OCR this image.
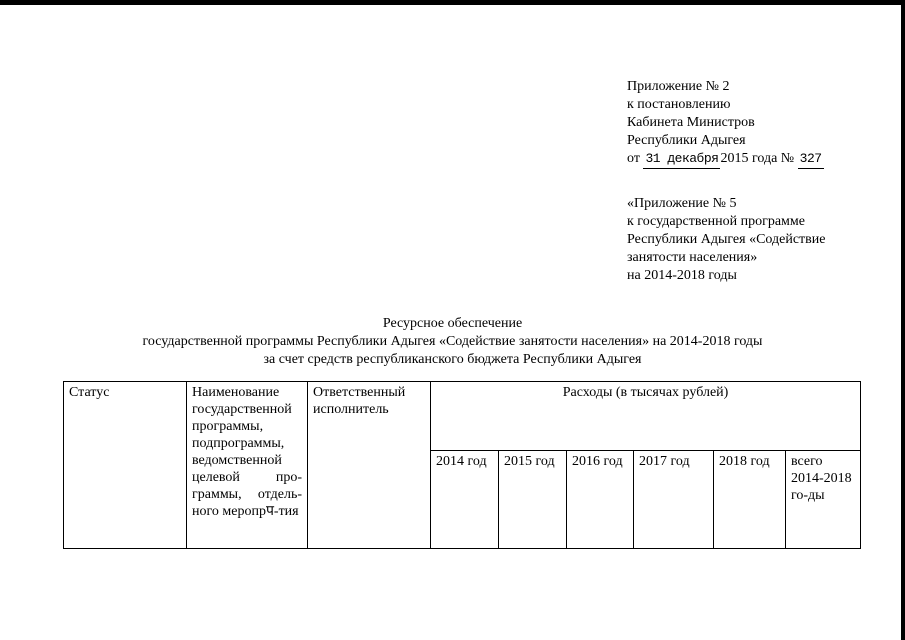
Приложение № 2
к постановлению
Кабинета Министров
Республики Адыгея
от 31 декабря 2015 года № 327
«Приложение № 5
к государственной программе
Республики Адыгея «Содействие
занятости населения»
на 2014-2018 годы
Ресурсное обеспечение
государственной программы Республики Адыгея «Содействие занятости населения» на 2014-2018 годы
за счет средств республиканского бюджета Республики Адыгея
Статус	Наименование государственной программы, подпрограммы, ведомственной целевой про-граммы, отдель-ного меропрप-тия	Ответственный исполнитель	Расходы (в тысячах рублей)					
			2014 год	2015 год	2016 год	2017 год	2018 год	всего 2014-2018 го-ды
